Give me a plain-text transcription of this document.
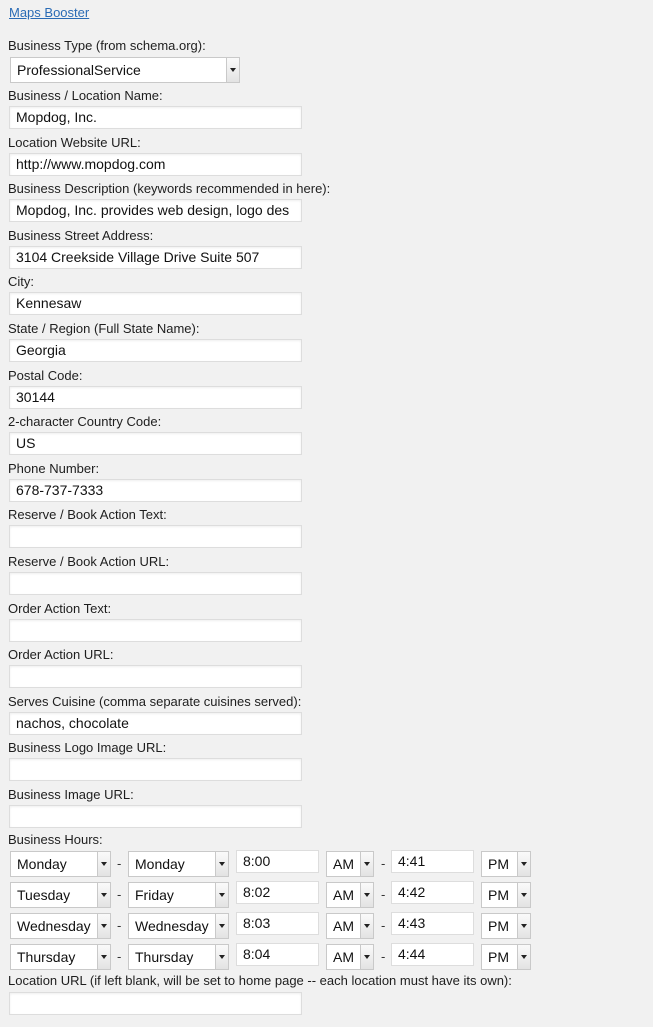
Maps Booster
Business Type (from schema.org):
ProfessionalService
Business / Location Name:
Mopdog, Inc.
Location Website URL:
http://www.mopdog.com
Business Description (keywords recommended in here):
Mopdog, Inc. provides web design, logo des
Business Street Address:
3104 Creekside Village Drive Suite 507
City:
Kennesaw
State / Region (Full State Name):
Georgia
Postal Code:
30144
2-character Country Code:
US
Phone Number:
678-737-7333
Reserve / Book Action Text:
Reserve / Book Action URL:
Order Action Text:
Order Action URL:
Serves Cuisine (comma separate cuisines served):
nachos, chocolate
Business Logo Image URL:
Business Image URL:
Business Hours:
Monday	- Monday	8:00	AM	- 4:41	PM
Tuesday	- Friday	8:02	AM	- 4:42	PM
Wednesday	- Wednesday	8:03	AM	- 4:43	PM
Thursday	- Thursday	8:04	AM	- 4:44	PM
Location URL (if left blank, will be set to home page -- each location must have its own):
